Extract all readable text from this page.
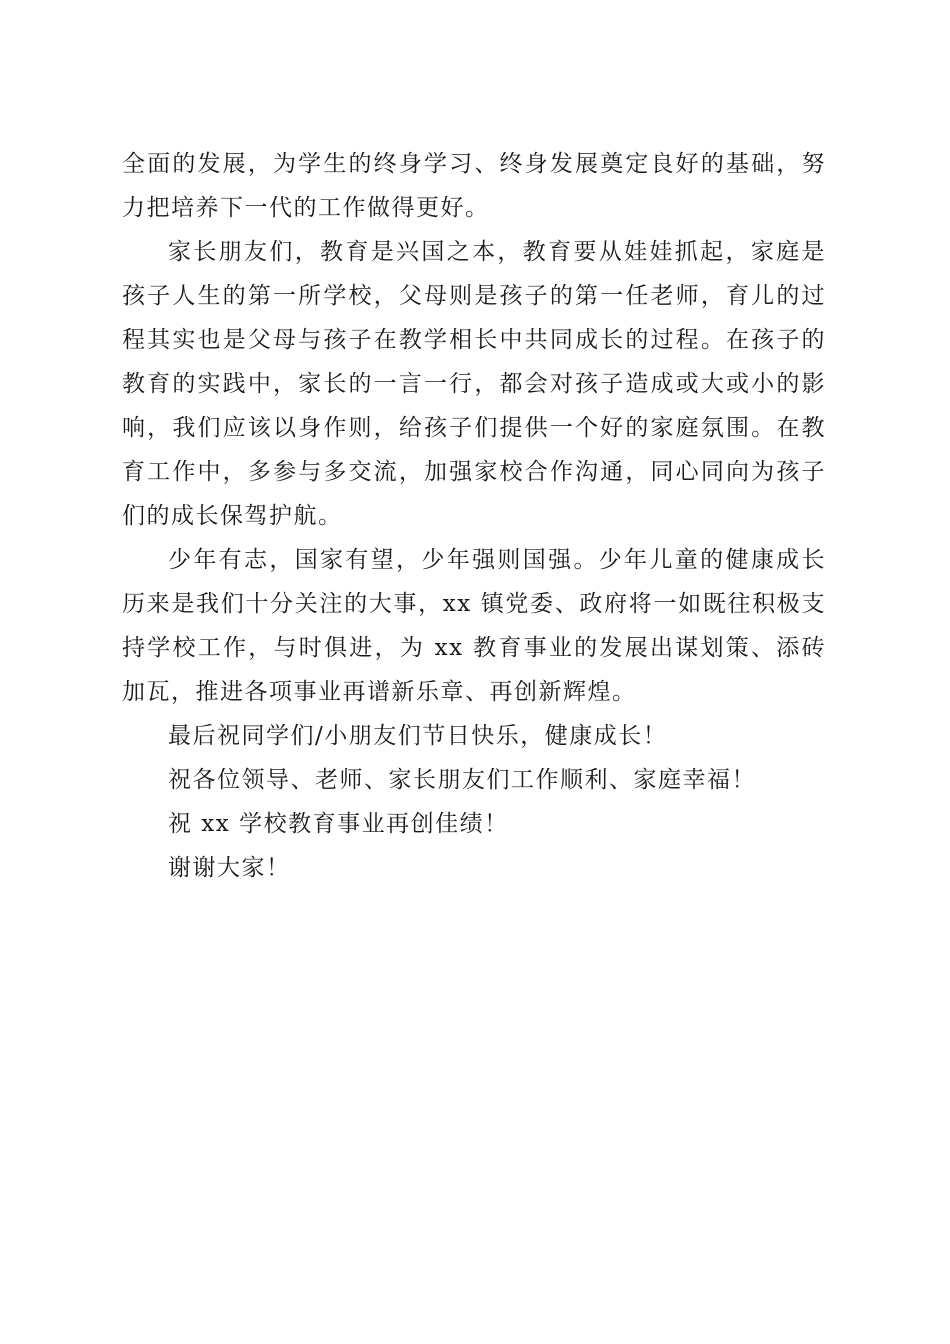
全面的发展，为学生的终身学习、终身发展奠定良好的基础，努力把培养下一代的工作做得更好。

家长朋友们，教育是兴国之本，教育要从娃娃抓起，家庭是孩子人生的第一所学校，父母则是孩子的第一任老师，育儿的过程其实也是父母与孩子在教学相长中共同成长的过程。在孩子的教育的实践中，家长的一言一行，都会对孩子造成或大或小的影响，我们应该以身作则，给孩子们提供一个好的家庭氛围。在教育工作中，多参与多交流，加强家校合作沟通，同心同向为孩子们的成长保驾护航。

少年有志，国家有望，少年强则国强。少年儿童的健康成长历来是我们十分关注的大事，xx 镇党委、政府将一如既往积极支持学校工作，与时俱进，为 xx 教育事业的发展出谋划策、添砖加瓦，推进各项事业再谱新乐章、再创新辉煌。

最后祝同学们/小朋友们节日快乐，健康成长！

祝各位领导、老师、家长朋友们工作顺利、家庭幸福！

祝 xx 学校教育事业再创佳绩！

谢谢大家！
